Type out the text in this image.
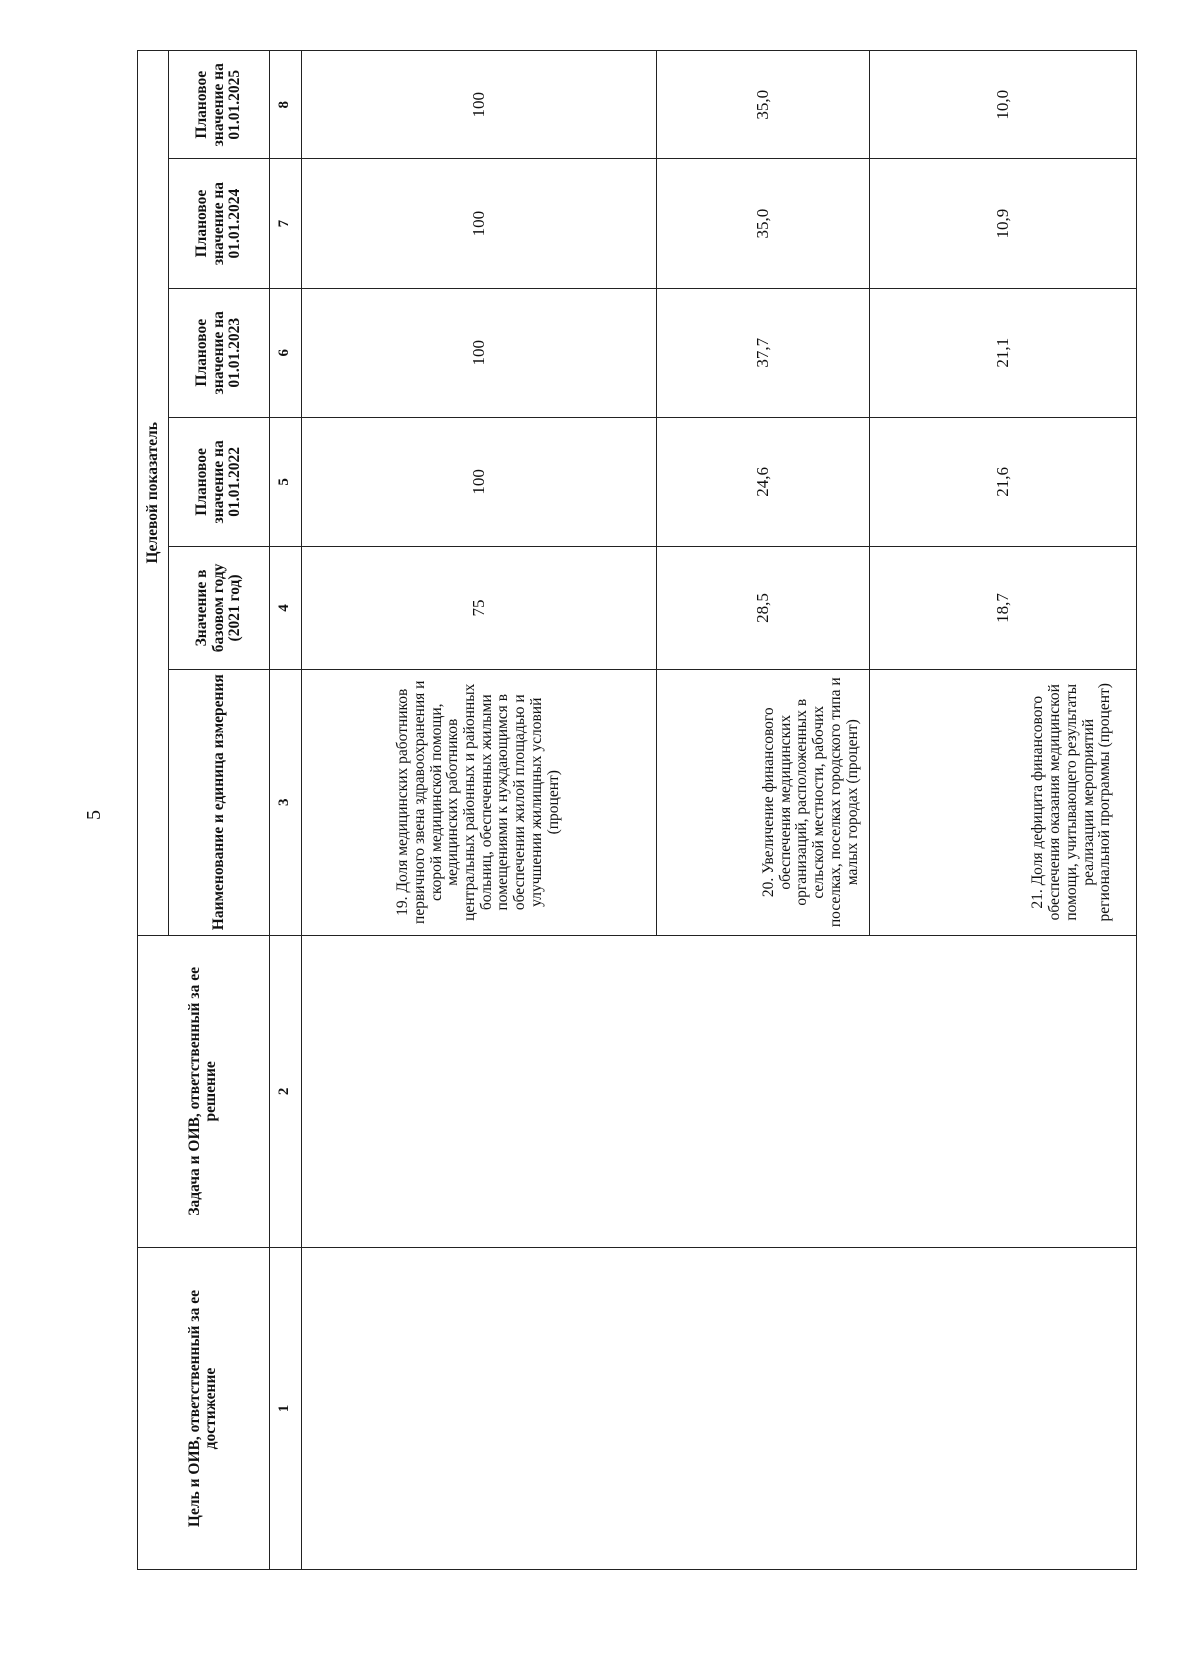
5
Цель и ОИВ, ответственный за ее достижение	Задача и ОИВ, ответственный за ее решение	Целевой показатель					
		Наименование и единица измерения	Значение в базовом году (2021 год)	Плановое значение на 01.01.2022	Плановое значение на 01.01.2023	Плановое значение на 01.01.2024	Плановое значение на 01.01.2025
1	2	3	4	5	6	7	8
		19. Доля медицинских работников первичного звена здравоохранения и скорой медицинской помощи, медицинских работников центральных районных и районных больниц, обеспеченных жилыми помещениями к нуждающимся в обеспечении жилой площадью и улучшении жилищных условий (процент)	75	100	100	100	100
		20. Увеличение финансового обеспечения медицинских организаций, расположенных в сельской местности, рабочих поселках, поселках городского типа и малых городах (процент)	28,5	24,6	37,7	35,0	35,0
		21. Доля дефицита финансового обеспечения оказания медицинской помощи, учитывающего результаты реализации мероприятий региональной программы (процент)	18,7	21,6	21,1	10,9	10,0
